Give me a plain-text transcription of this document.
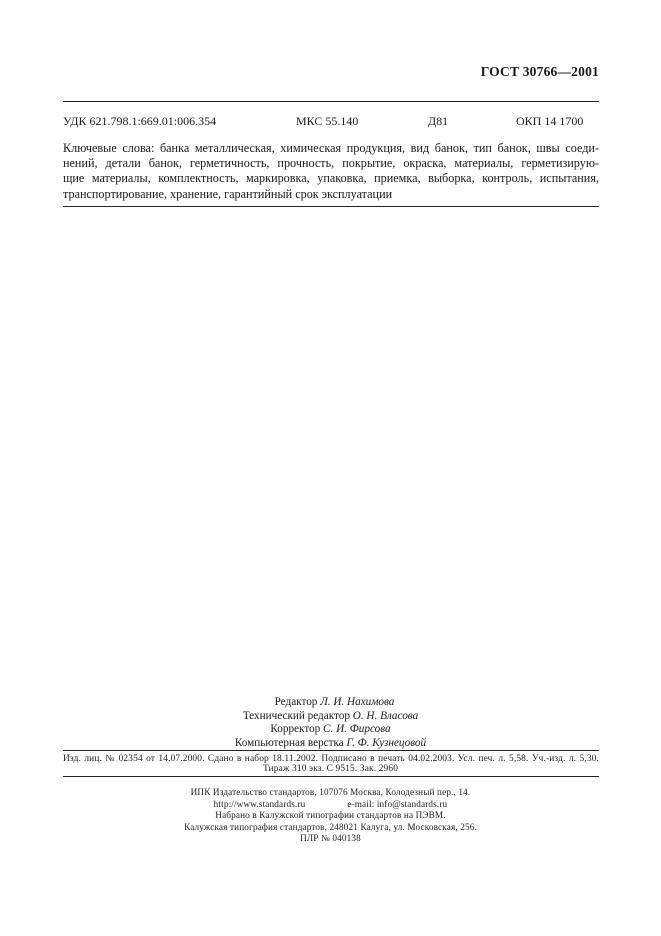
ГОСТ 30766—2001
УДК 621.798.1:669.01:006.354	МКС 55.140	Д81	ОКП 14 1700
Ключевые слова: банка металлическая, химическая продукция, вид банок, тип банок, швы соеди-
нений, детали банок, герметичность, прочность, покрытие, окраска, материалы, герметизирую-
щие материалы, комплектность, маркировка, упаковка, приемка, выборка, контроль, испытания,
транспортирование, хранение, гарантийный срок эксплуатации
Редактор Л. И. Нахимова
Технический редактор О. Н. Власова
Корректор С. И. Фирсова
Компьютерная верстка Г. Ф. Кузнецовой
Изд. лиц. № 02354 от 14.07.2000. Сдано в набор 18.11.2002. Подписано в печать 04.02.2003. Усл. печ. л. 5,58. Уч.-изд. л. 5,30.
Тираж 310 экз. С 9515. Зак. 2960
ИПК Издательство стандартов, 107076 Москва, Колодезный пер., 14.
http://www.standards.ru	e-mail: info@standards.ru
Набрано в Калужской типографии стандартов на ПЭВМ.
Калужская типография стандартов, 248021 Калуга, ул. Московская, 256.
ПЛР № 040138
